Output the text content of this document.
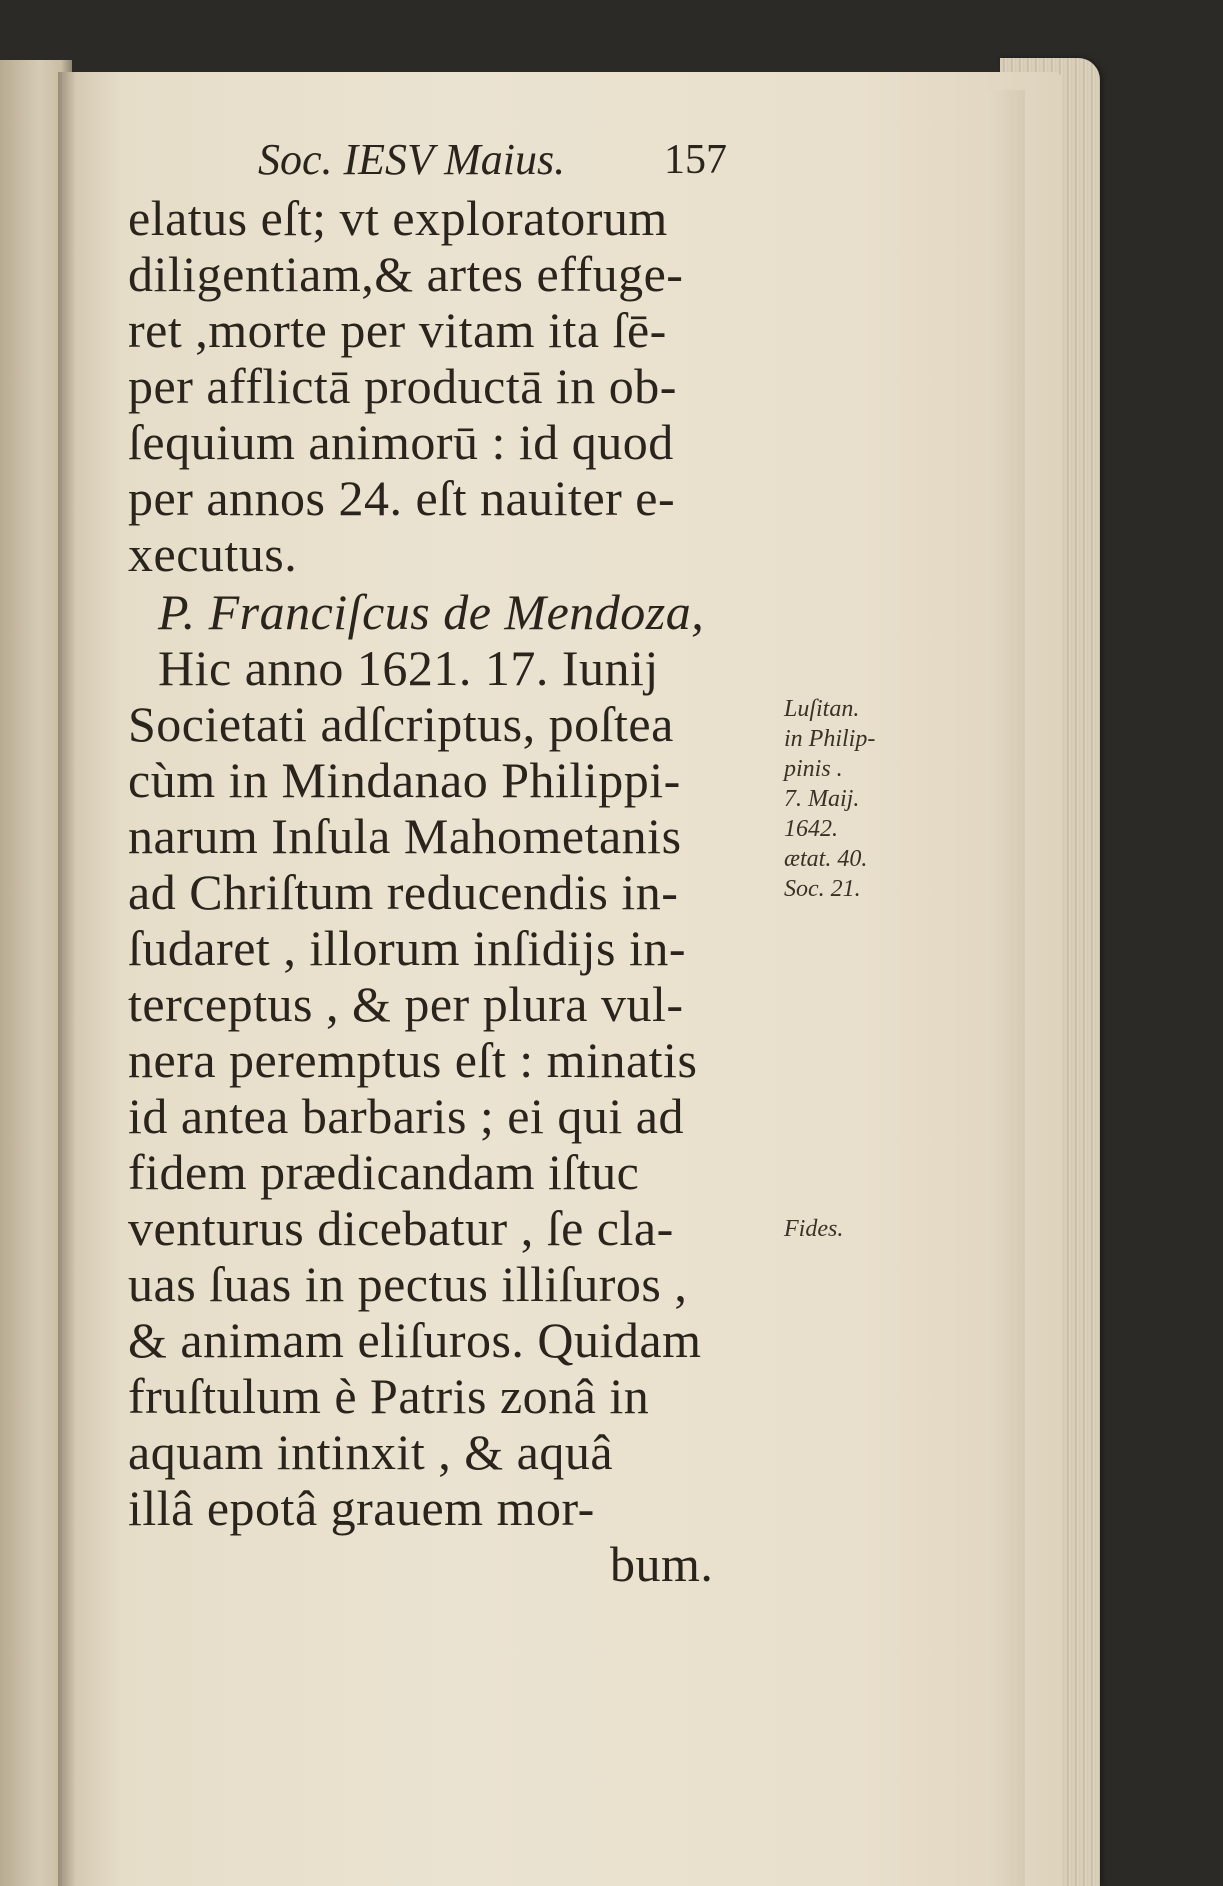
Soc. IESV Maius. 157
elatus eſt; vt exploratorum
diligentiam,& artes effuge-
ret ,morte per vitam ita ſē-
per afflictā productā in ob-
ſequium animorū : id quod
per annos 24. eſt nauiter e-
xecutus.
P. Franciſcus de Mendoza,
Hic anno 1621. 17. Iunij
Societati adſcriptus, poſtea
cùm in Mindanao Philippi-
narum Inſula Mahometanis
ad Chriſtum reducendis in-
ſudaret , illorum inſidijs in-
terceptus , & per plura vul-
nera peremptus eſt : minatis
id antea barbaris ; ei qui ad
fidem prædicandam iſtuc
venturus dicebatur , ſe cla-
uas ſuas in pectus illiſuros ,
& animam eliſuros. Quidam
fruſtulum è Patris zonâ in
aquam intinxit , & aquâ
illâ epotâ grauem mor-
bum.
Luſitan.
in Philip-
pinis .
7. Maij.
1642.
ætat. 40.
Soc. 21.
Fides.
